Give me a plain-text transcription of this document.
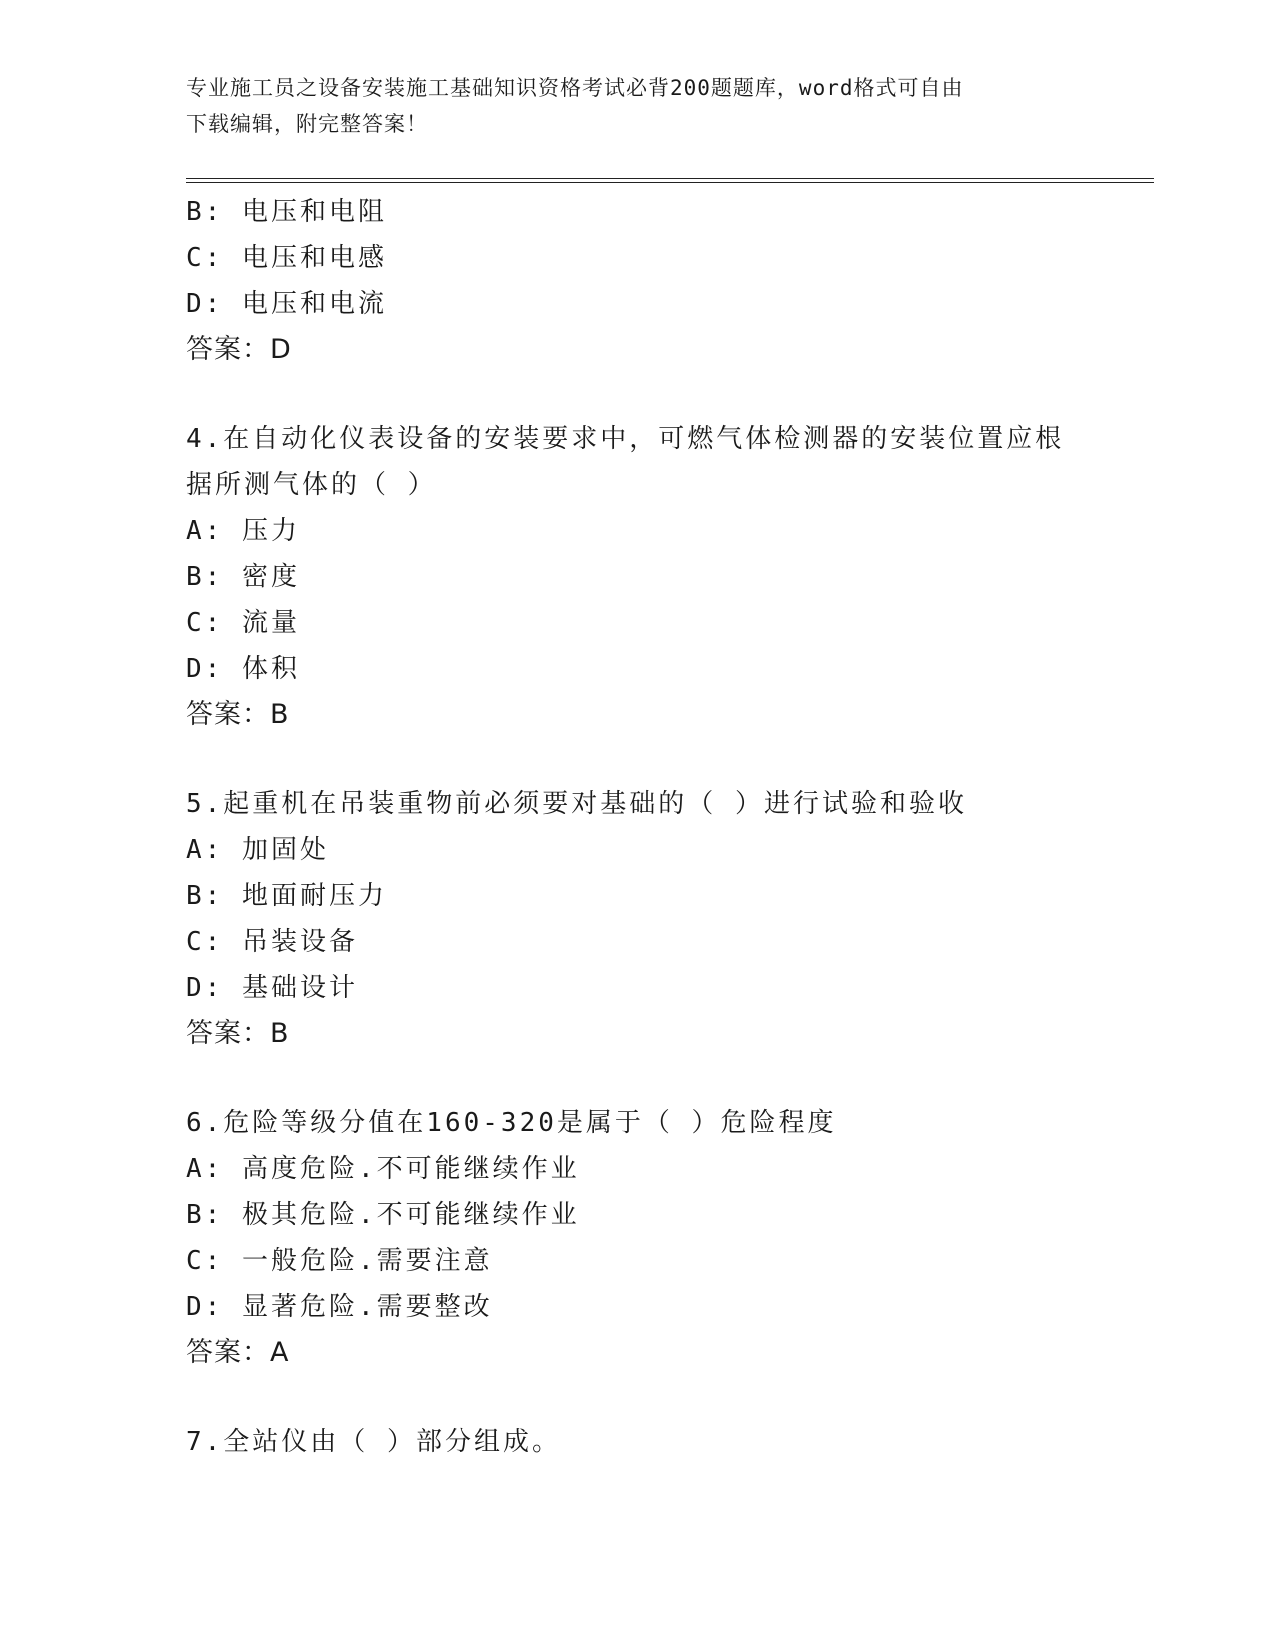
专业施工员之设备安装施工基础知识资格考试必背200题题库，word格式可自由
下载编辑，附完整答案！
B: 电压和电阻
C: 电压和电感
D: 电压和电流
答案：D
4.在自动化仪表设备的安装要求中，可燃气体检测器的安装位置应根
据所测气体的（ ）
A: 压力
B: 密度
C: 流量
D: 体积
答案：B
5.起重机在吊装重物前必须要对基础的（ ）进行试验和验收
A: 加固处
B: 地面耐压力
C: 吊装设备
D: 基础设计
答案：B
6.危险等级分值在160-320是属于（ ）危险程度
A: 高度危险.不可能继续作业
B: 极其危险.不可能继续作业
C: 一般危险.需要注意
D: 显著危险.需要整改
答案：A
7.全站仪由（ ）部分组成。
